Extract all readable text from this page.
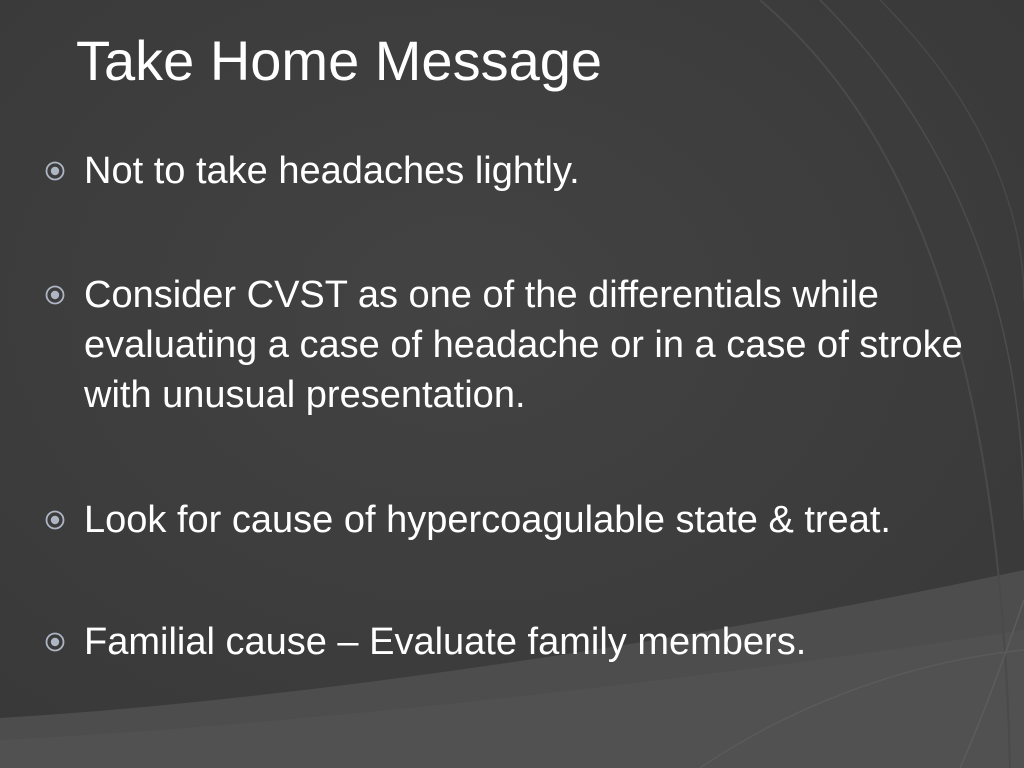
Take Home Message
Not to take headaches lightly.
Consider CVST as one of the differentials while evaluating a case of headache or in a case of stroke with unusual presentation.
Look for cause of hypercoagulable state & treat.
Familial cause – Evaluate family members.
